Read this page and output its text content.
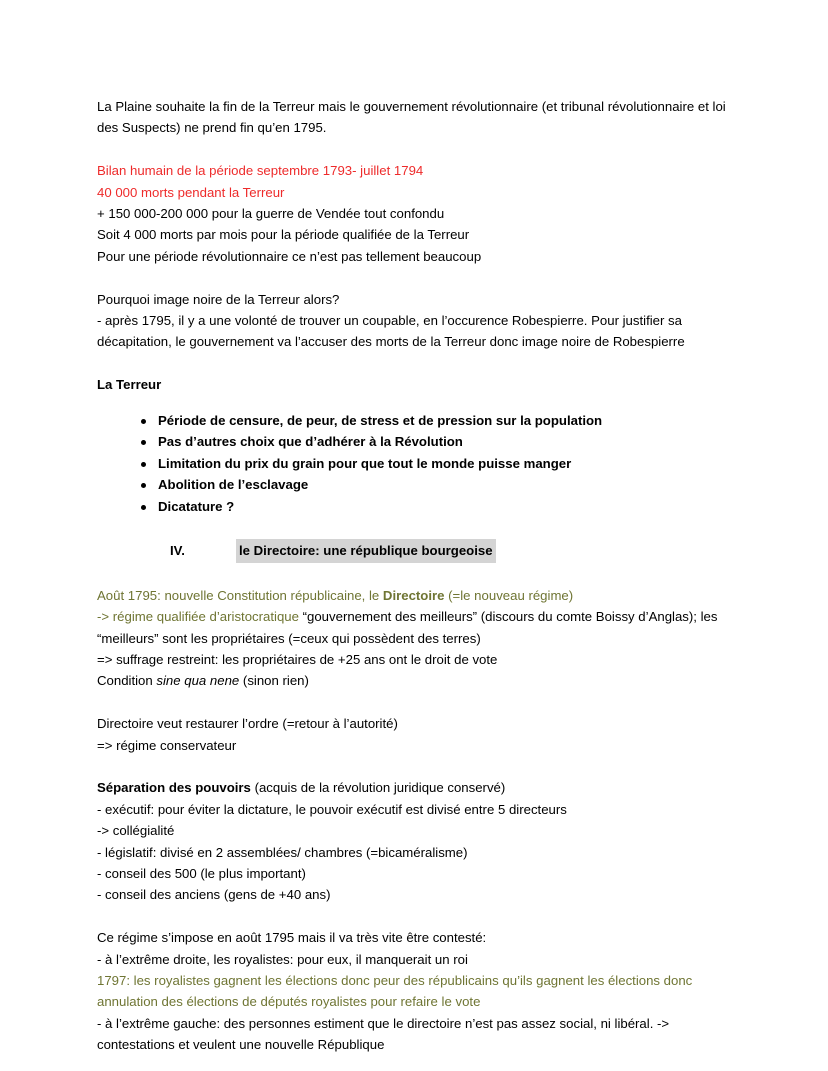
La Plaine souhaite la fin de la Terreur mais le gouvernement révolutionnaire (et tribunal révolutionnaire et loi des Suspects) ne prend fin qu’en 1795.

Bilan humain de la période septembre 1793- juillet 1794

40 000 morts pendant la Terreur

+ 150 000-200 000 pour la guerre de Vendée tout confondu

Soit 4 000 morts par mois pour la période qualifiée de la Terreur

Pour une période révolutionnaire ce n’est pas tellement beaucoup

Pourquoi image noire de la Terreur alors?

- après 1795, il y a une volonté de trouver un coupable, en l’occurence Robespierre. Pour justifier sa décapitation, le gouvernement va l’accuser des morts de la Terreur donc image noire de Robespierre

La Terreur

Période de censure, de peur, de stress et de pression sur la population
Pas d’autres choix que d’adhérer à la Révolution
Limitation du prix du grain pour que tout le monde puisse manger
Abolition de l’esclavage
Dicatature ?
IV.	le Directoire: une république bourgeoise

Août 1795: nouvelle Constitution républicaine, le Directoire (=le nouveau régime)

-> régime qualifiée d’aristocratique “gouvernement des meilleurs” (discours du comte Boissy d’Anglas); les “meilleurs” sont les propriétaires (=ceux qui possèdent des terres)

=> suffrage restreint: les propriétaires de +25 ans ont le droit de vote

Condition sine qua nene (sinon rien)

Directoire veut restaurer l’ordre (=retour à l’autorité)

=> régime conservateur

Séparation des pouvoirs (acquis de la révolution juridique conservé)

- exécutif: pour éviter la dictature, le pouvoir exécutif est divisé entre 5 directeurs

-> collégialité

- législatif: divisé en 2 assemblées/ chambres (=bicaméralisme)

- conseil des 500 (le plus important)

- conseil des anciens (gens de +40 ans)

Ce régime s’impose en août 1795 mais il va très vite être contesté:

- à l’extrême droite, les royalistes: pour eux, il manquerait un roi

1797: les royalistes gagnent les élections donc peur des républicains qu’ils gagnent les élections donc annulation des élections de députés royalistes pour refaire le vote

- à l’extrême gauche: des personnes estiment que le directoire n’est pas assez social, ni libéral. -> contestations et veulent une nouvelle République
